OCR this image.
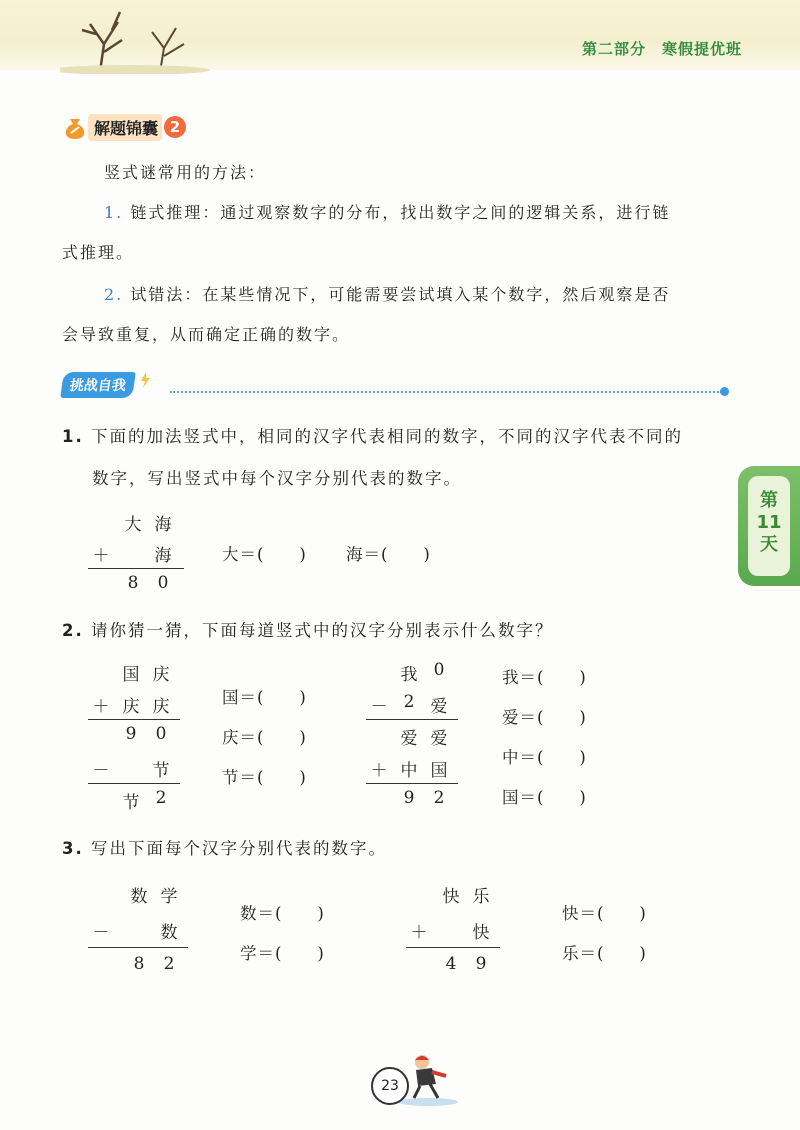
第二部分　寒假提优班
解题锦囊 2
竖式谜常用的方法：
1. 链式推理：通过观察数字的分布，找出数字之间的逻辑关系，进行链
式推理。
2. 试错法：在某些情况下，可能需要尝试填入某个数字，然后观察是否
会导致重复，从而确定正确的数字。
挑战自我
1. 下面的加法竖式中，相同的汉字代表相同的数字，不同的汉字代表不同的
数字，写出竖式中每个汉字分别代表的数字。
大 海
＋	海
8	0
大＝(　　) 海＝(　　)
2. 请你猜一猜，下面每道竖式中的汉字分别表示什么数字？
国 庆
＋ 庆 庆
9	0
－	节
节 2
国＝(　　)
庆＝(　　)
节＝(　　)
我 0
－ 2 爱
爱 爱
＋ 中 国
9	2
我＝(　　)
爱＝(　　)
中＝(　　)
国＝(　　)
3. 写出下面每个汉字分别代表的数字。
数 学
－	数
8	2
数＝(　　)
学＝(　　)
快 乐
＋	快
4	9
快＝(　　)
乐＝(　　)
第
11
天
23
